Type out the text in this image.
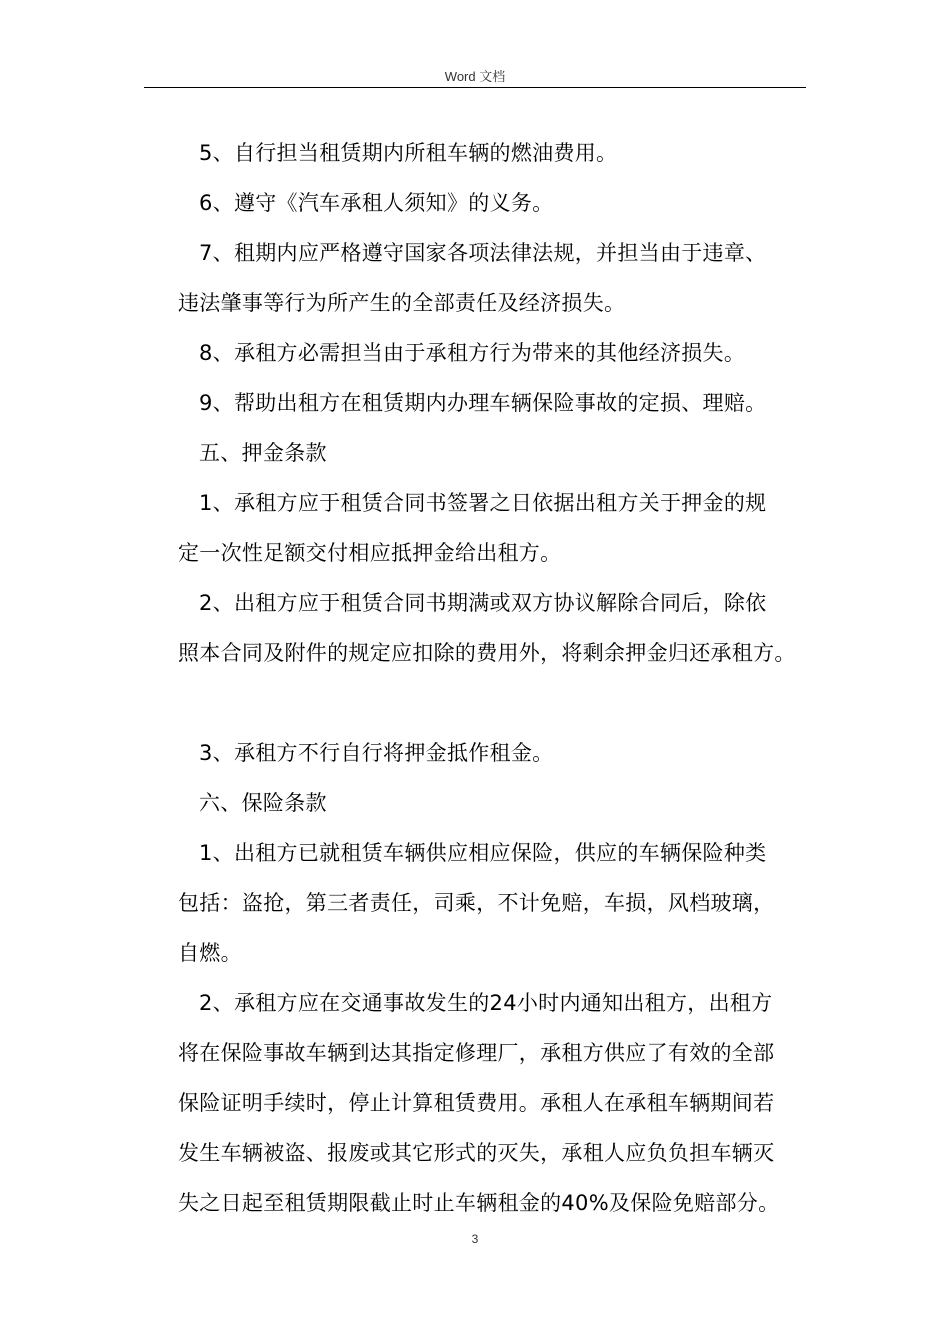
Word 文档

5、自行担当租赁期内所租车辆的燃油费用。

6、遵守《汽车承租人须知》的义务。

7、租期内应严格遵守国家各项法律法规，并担当由于违章、

违法肇事等行为所产生的全部责任及经济损失。

8、承租方必需担当由于承租方行为带来的其他经济损失。

9、帮助出租方在租赁期内办理车辆保险事故的定损、理赔。

五、押金条款

1、承租方应于租赁合同书签署之日依据出租方关于押金的规

定一次性足额交付相应抵押金给出租方。

2、出租方应于租赁合同书期满或双方协议解除合同后，除依

照本合同及附件的规定应扣除的费用外，将剩余押金归还承租方。

3、承租方不行自行将押金抵作租金。

六、保险条款

1、出租方已就租赁车辆供应相应保险，供应的车辆保险种类

包括：盗抢，第三者责任，司乘，不计免赔，车损，风档玻璃，

自燃。

2、承租方应在交通事故发生的24小时内通知出租方，出租方

将在保险事故车辆到达其指定修理厂，承租方供应了有效的全部

保险证明手续时，停止计算租赁费用。承租人在承租车辆期间若

发生车辆被盗、报废或其它形式的灭失，承租人应负负担车辆灭

失之日起至租赁期限截止时止车辆租金的40%及保险免赔部分。

3
